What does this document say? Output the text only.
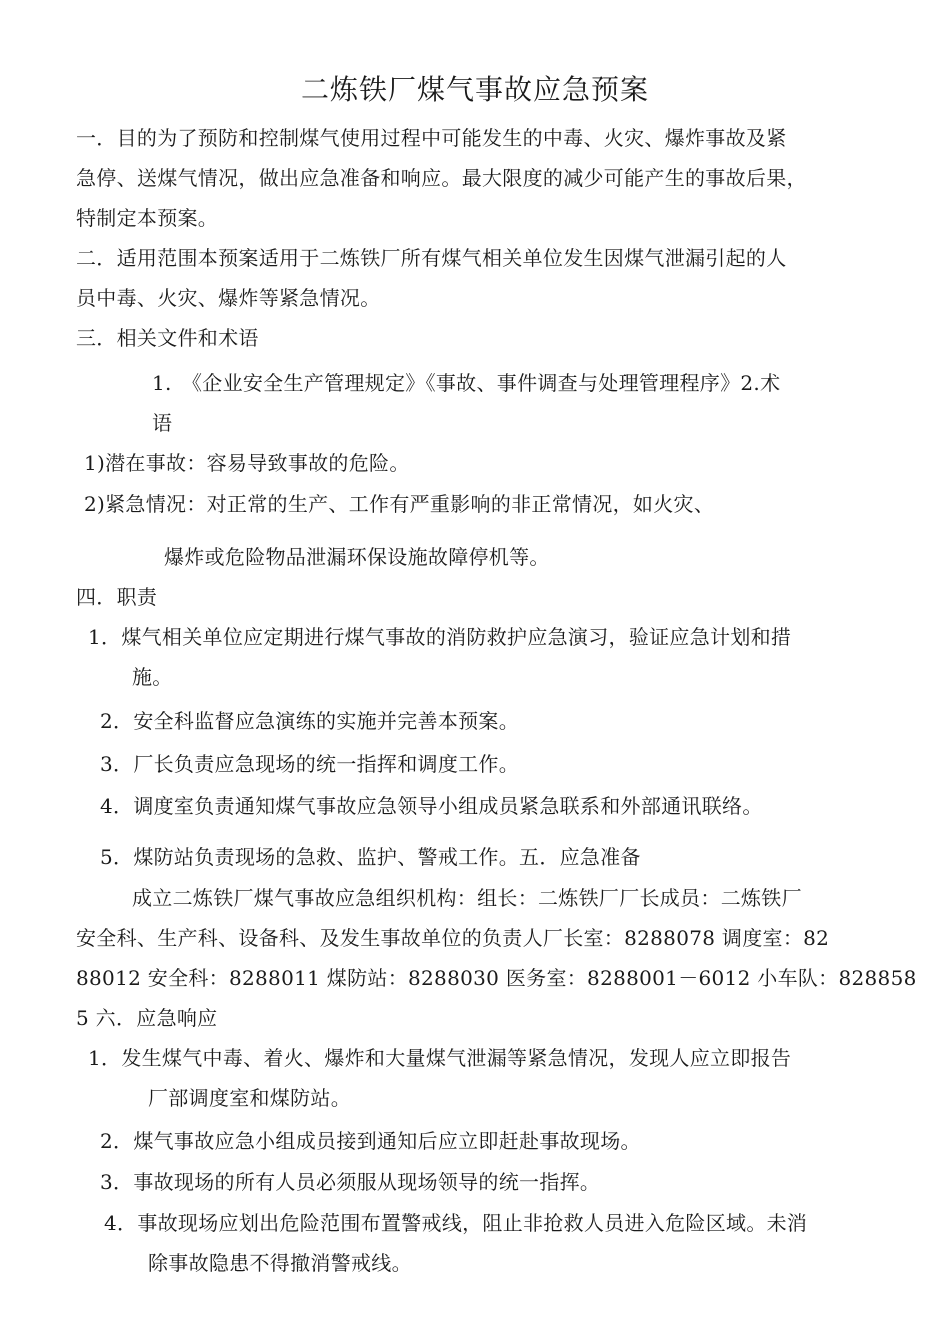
二炼铁厂煤气事故应急预案
一．目的为了预防和控制煤气使用过程中可能发生的中毒、火灾、爆炸事故及紧
急停、送煤气情况，做出应急准备和响应。最大限度的减少可能产生的事故后果，
特制定本预案。
二．适用范围本预案适用于二炼铁厂所有煤气相关单位发生因煤气泄漏引起的人
员中毒、火灾、爆炸等紧急情况。
三．相关文件和术语
1.　《企业安全生产管理规定》《事故、事件调查与处理管理程序》2.术
语
1)潜在事故：容易导致事故的危险。
2)紧急情况：对正常的生产、工作有严重影响的非正常情况，如火灾、
爆炸或危险物品泄漏环保设施故障停机等。
四．职责
1．煤气相关单位应定期进行煤气事故的消防救护应急演习，验证应急计划和措
施。
2．安全科监督应急演练的实施并完善本预案。
3．厂长负责应急现场的统一指挥和调度工作。
4．调度室负责通知煤气事故应急领导小组成员紧急联系和外部通讯联络。
5．煤防站负责现场的急救、监护、警戒工作。五．应急准备
成立二炼铁厂煤气事故应急组织机构：组长：二炼铁厂厂长成员：二炼铁厂
安全科、生产科、设备科、及发生事故单位的负责人厂长室：8288078 调度室：82
88012 安全科：8288011 煤防站：8288030 医务室：8288001－6012 小车队：828858
5 六．应急响应
1．发生煤气中毒、着火、爆炸和大量煤气泄漏等紧急情况，发现人应立即报告
厂部调度室和煤防站。
2．煤气事故应急小组成员接到通知后应立即赶赴事故现场。
3．事故现场的所有人员必须服从现场领导的统一指挥。
4．事故现场应划出危险范围布置警戒线，阻止非抢救人员进入危险区域。未消
除事故隐患不得撤消警戒线。
